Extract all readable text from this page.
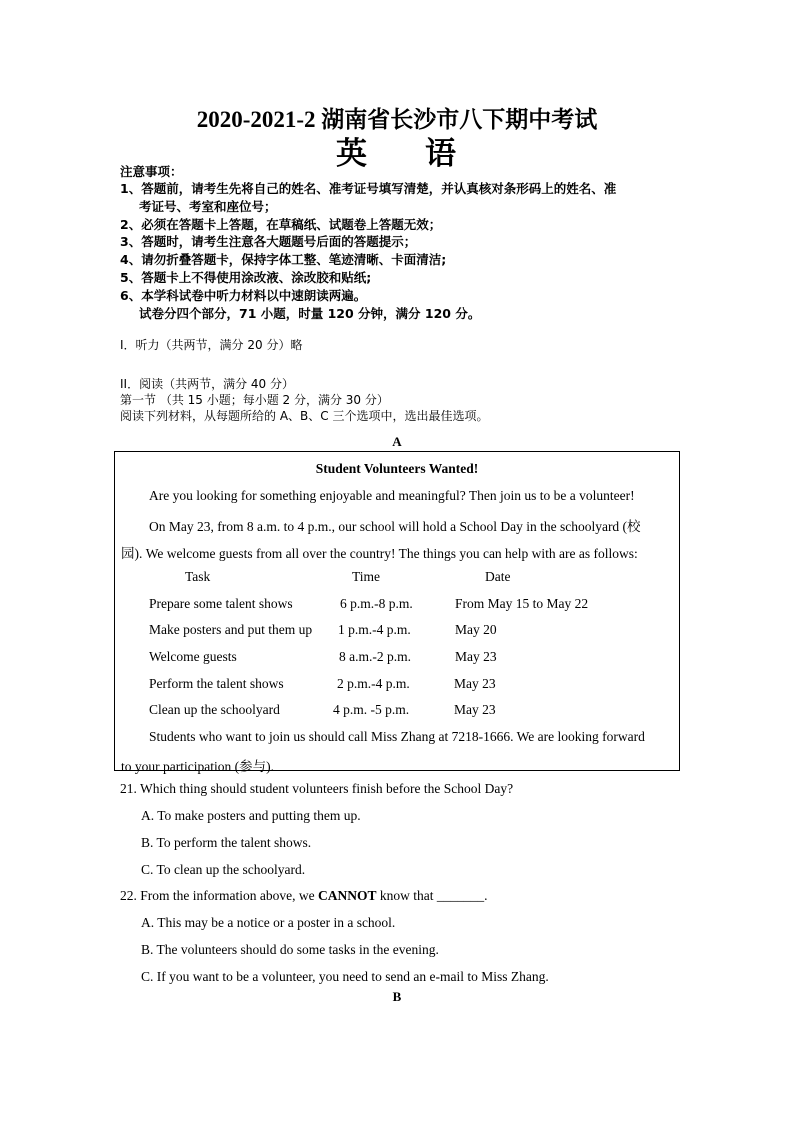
2020-2021-2 湖南省长沙市八下期中考试
英 语
注意事项：
1、答题前，请考生先将自己的姓名、准考证号填写清楚，并认真核对条形码上的姓名、准
考证号、考室和座位号；
2、必须在答题卡上答题，在草稿纸、试题卷上答题无效；
3、答题时，请考生注意各大题题号后面的答题提示；
4、请勿折叠答题卡，保持字体工整、笔迹清晰、卡面清洁;
5、答题卡上不得使用涂改液、涂改胶和贴纸;
6、本学科试卷中听力材料以中速朗读两遍。
试卷分四个部分，71 小题，时量 120 分钟，满分 120 分。
I．听力（共两节，满分 20 分）略
II．阅读（共两节，满分 40 分）
第一节 （共 15 小题；每小题 2 分，满分 30 分）
阅读下列材料，从每题所给的 A、B、C 三个选项中，选出最佳选项。
A
Student Volunteers Wanted!
Are you looking for something enjoyable and meaningful? Then join us to be a volunteer!
On May 23, from 8 a.m. to 4 p.m., our school will hold a School Day in the schoolyard (校
园). We welcome guests from all over the country! The things you can help with are as follows:
Task	Time	Date
Prepare some talent shows	6 p.m.-8 p.m.	From May 15 to May 22
Make posters and put them up 1 p.m.-4 p.m.	May 20
Welcome guests	8 a.m.-2 p.m.	May 23
Perform the talent shows	2 p.m.-4 p.m.	May 23
Clean up the schoolyard	4 p.m. -5 p.m.	May 23
Students who want to join us should call Miss Zhang at 7218-1666. We are looking forward
to your participation (参与).
21. Which thing should student volunteers finish before the School Day?
A. To make posters and putting them up.
B. To perform the talent shows.
C. To clean up the schoolyard.
22. From the information above, we CANNOT know that _______.
A. This may be a notice or a poster in a school.
B. The volunteers should do some tasks in the evening.
C. If you want to be a volunteer, you need to send an e-mail to Miss Zhang.
B
